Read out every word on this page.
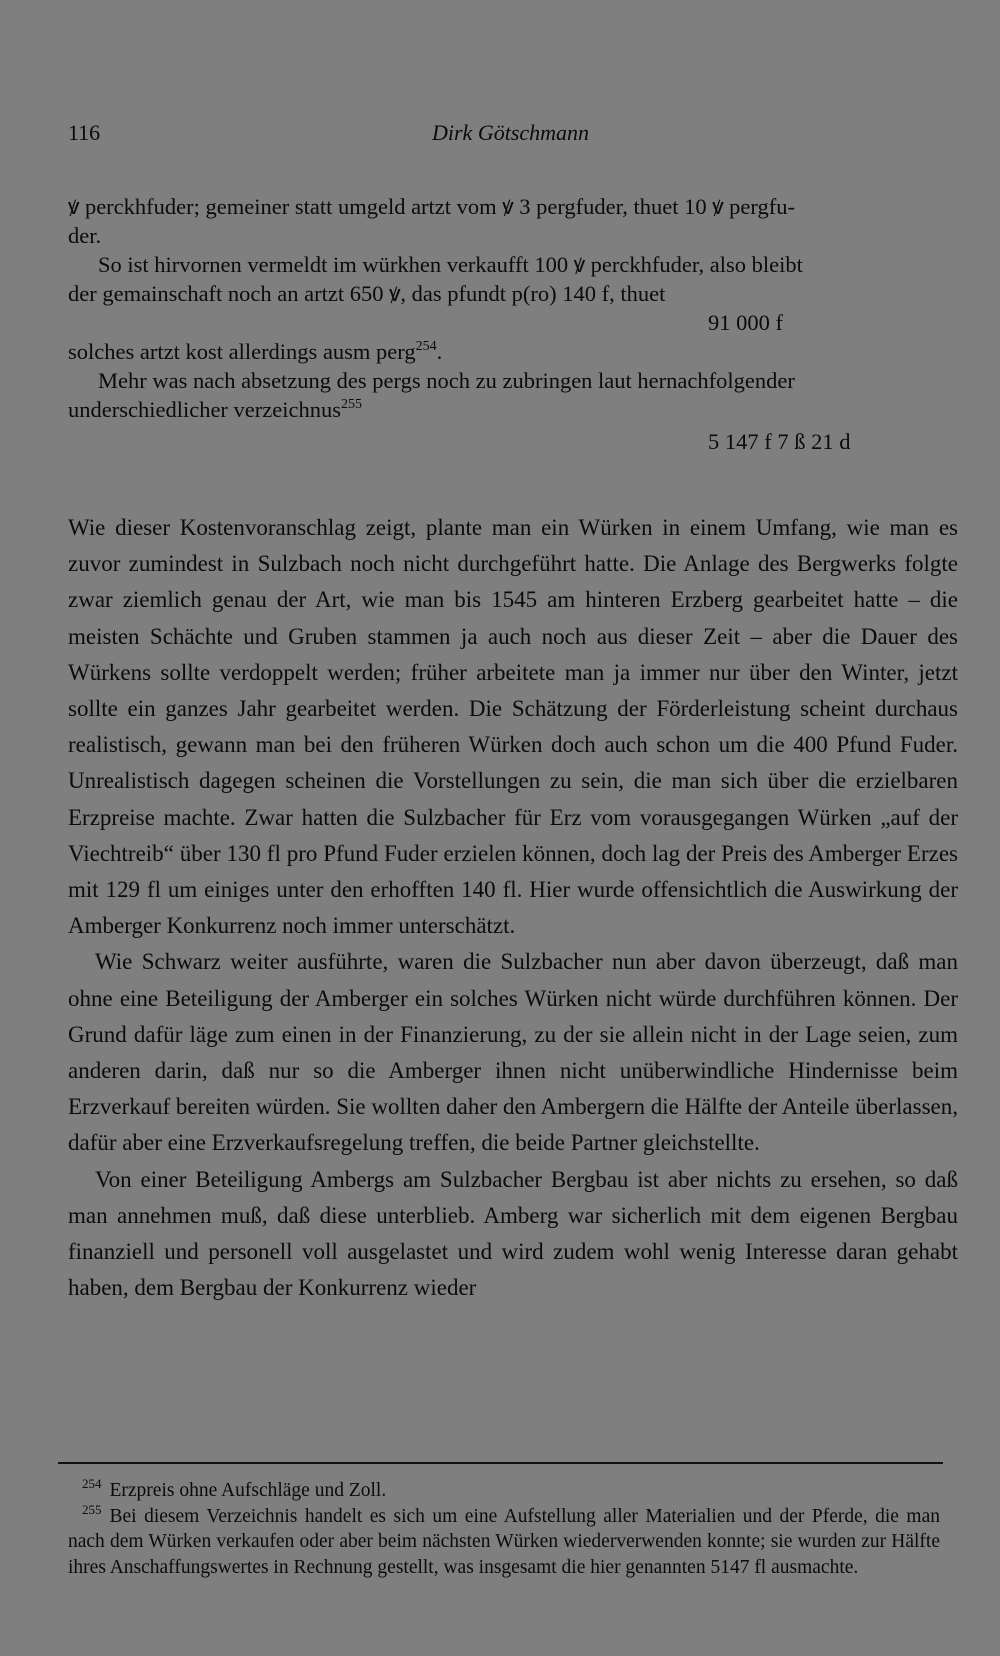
116	Dirk Götschmann
ꝟ perckhfuder; gemeiner statt umgeld artzt vom ꝟ 3 pergfuder, thuet 10 ꝟ pergfu-
der.
So ist hirvornen vermeldt im würkhen verkaufft 100 ꝟ perckhfuder, also bleibt
der gemainschaft noch an artzt 650 ꝟ, das pfundt p(ro) 140 f, thuet
91 000 f
solches artzt kost allerdings ausm perg$^{254}$.
Mehr was nach absetzung des pergs noch zu zubringen laut hernachfolgender
underschiedlicher verzeichnus$^{255}$
5 147 f 7 ß 21 d

Wie dieser Kostenvoranschlag zeigt, plante man ein Würken in einem Umfang, wie man es zuvor zumindest in Sulzbach noch nicht durchgeführt hatte. Die Anlage des Bergwerks folgte zwar ziemlich genau der Art, wie man bis 1545 am hinteren Erzberg gearbeitet hatte – die meisten Schächte und Gruben stammen ja auch noch aus dieser Zeit – aber die Dauer des Würkens sollte verdoppelt werden; früher arbeitete man ja immer nur über den Winter, jetzt sollte ein ganzes Jahr gearbeitet werden. Die Schätzung der Förderleistung scheint durchaus realistisch, gewann man bei den früheren Würken doch auch schon um die 400 Pfund Fuder. Unrealistisch dagegen scheinen die Vorstellungen zu sein, die man sich über die erzielbaren Erzpreise machte. Zwar hatten die Sulzbacher für Erz vom vorausgegangen Würken „auf der Viechtreib“ über 130 fl pro Pfund Fuder erzielen können, doch lag der Preis des Amberger Erzes mit 129 fl um einiges unter den erhofften 140 fl. Hier wurde offensichtlich die Auswirkung der Amberger Konkurrenz noch immer unterschätzt.

Wie Schwarz weiter ausführte, waren die Sulzbacher nun aber davon überzeugt, daß man ohne eine Beteiligung der Amberger ein solches Würken nicht würde durchführen können. Der Grund dafür läge zum einen in der Finanzierung, zu der sie allein nicht in der Lage seien, zum anderen darin, daß nur so die Amberger ihnen nicht unüberwindliche Hindernisse beim Erzverkauf bereiten würden. Sie wollten daher den Ambergern die Hälfte der Anteile überlassen, dafür aber eine Erzverkaufsregelung treffen, die beide Partner gleichstellte.

Von einer Beteiligung Ambergs am Sulzbacher Bergbau ist aber nichts zu ersehen, so daß man annehmen muß, daß diese unterblieb. Amberg war sicherlich mit dem eigenen Bergbau finanziell und personell voll ausgelastet und wird zudem wohl wenig Interesse daran gehabt haben, dem Bergbau der Konkurrenz wieder

$^{254}$ Erzpreis ohne Aufschläge und Zoll.

$^{255}$ Bei diesem Verzeichnis handelt es sich um eine Aufstellung aller Materialien und der Pferde, die man nach dem Würken verkaufen oder aber beim nächsten Würken wiederverwenden konnte; sie wurden zur Hälfte ihres Anschaffungswertes in Rechnung gestellt, was insgesamt die hier genannten 5147 fl ausmachte.
